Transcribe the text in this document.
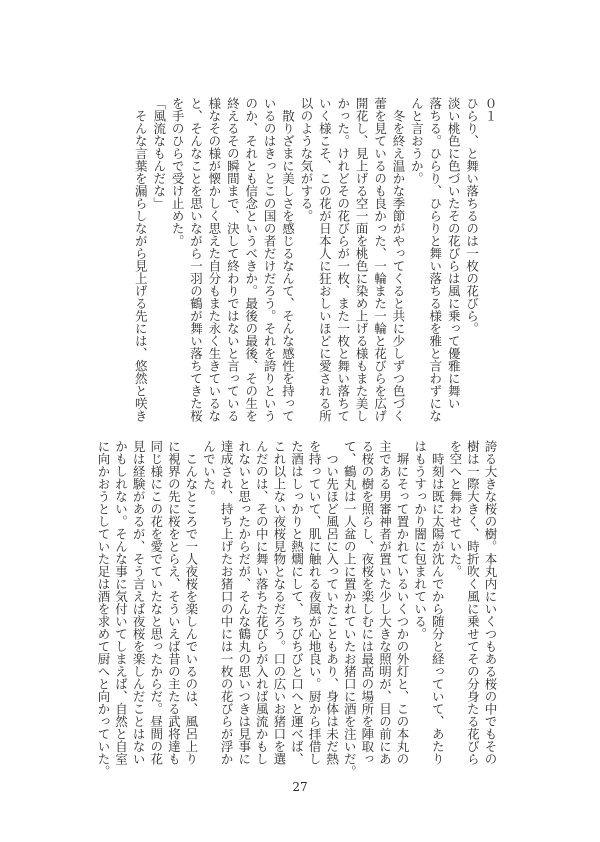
０１
ひらり、と舞い落ちるのは一枚の花びら。
淡い桃色に色づいたその花びらは風に乗って優雅に舞い
落ちる。ひらり、ひらりと舞い落ちる様を雅と言わずにな
んと言おうか。
　冬を終え温かな季節がやってくると共に少しずつ色づく
蕾を見ているのも良かった、一輪また一輪と花びらを広げ
開花し、見上げる空一面を桃色に染め上げる様もまた美し
かった。けれどその花びらが一枚、また一枚と舞い落ちて
いく様こそ、この花が日本人に狂おしいほどに愛される所
以のような気がする。
　散りざまに美しさを感じるなんて、そんな感性を持って
いるのはきっとこの国の者だけだろう。それを誇りという
のか、それとも信念というべきか。最後の最後、その生を
終えるその瞬間まで、決して終わりではないと言っている
様なその様が懐かしく思えた自分もまた永く生きているな
と、そんなことを思いながら一羽の鶴が舞い落ちてきた桜
を手のひらで受け止めた。
「風流なもんだな」
　そんな言葉を漏らしながら見上げる先には、悠然と咲き
誇る大きな桜の樹。本丸内にいくつもある桜の中でもその
樹は一際大きく、時折吹く風に乗せてその分身たる花びら
を空へと舞わせていた。
　時刻は既に太陽が沈んでから随分と経っていて、あたり
はもうすっかり闇に包まれている。
　塀にそって置かれているいくつかの外灯と、この本丸の
主である男審神者が置いた少し大きな照明が、目の前にあ
る桜の樹を照らし、夜桜を楽しむには最高の場所を陣取っ
て、鶴丸は一人盆の上に置かれていたお猪口に酒を注いだ。
　つい先ほど風呂に入っていたこともあり、身体は未だ熱
を持っていて、肌に触れる夜風が心地良い。厨から拝借し
た酒はしっかりと熱燗にして、ちびちびと口へと運べば、
これ以上ない夜桜見物となるだろう。口の広いお猪口を選
んだのは、その中に舞い落ちた花びらが入れば風流かもし
れないと思ったからだが、そんな鶴丸の思いつきは見事に
達成され、持ち上げたお猪口の中には一枚の花びらが浮か
んでいた。
　こんなところで一人夜桜を楽しんでいるのは、風呂上り
に視界の先に桜をとらえ、そういえば昔の主たる武将達も
同じ様にこの花を愛でていたなと思ったからだ。昼間の花
見は経験があるが、そう言えば夜桜を楽しんだことはない
かもしれない。そんな事に気付いてしまえば、自然と自室
に向かおうとしていた足は酒を求めて厨へと向かっていた。
27
